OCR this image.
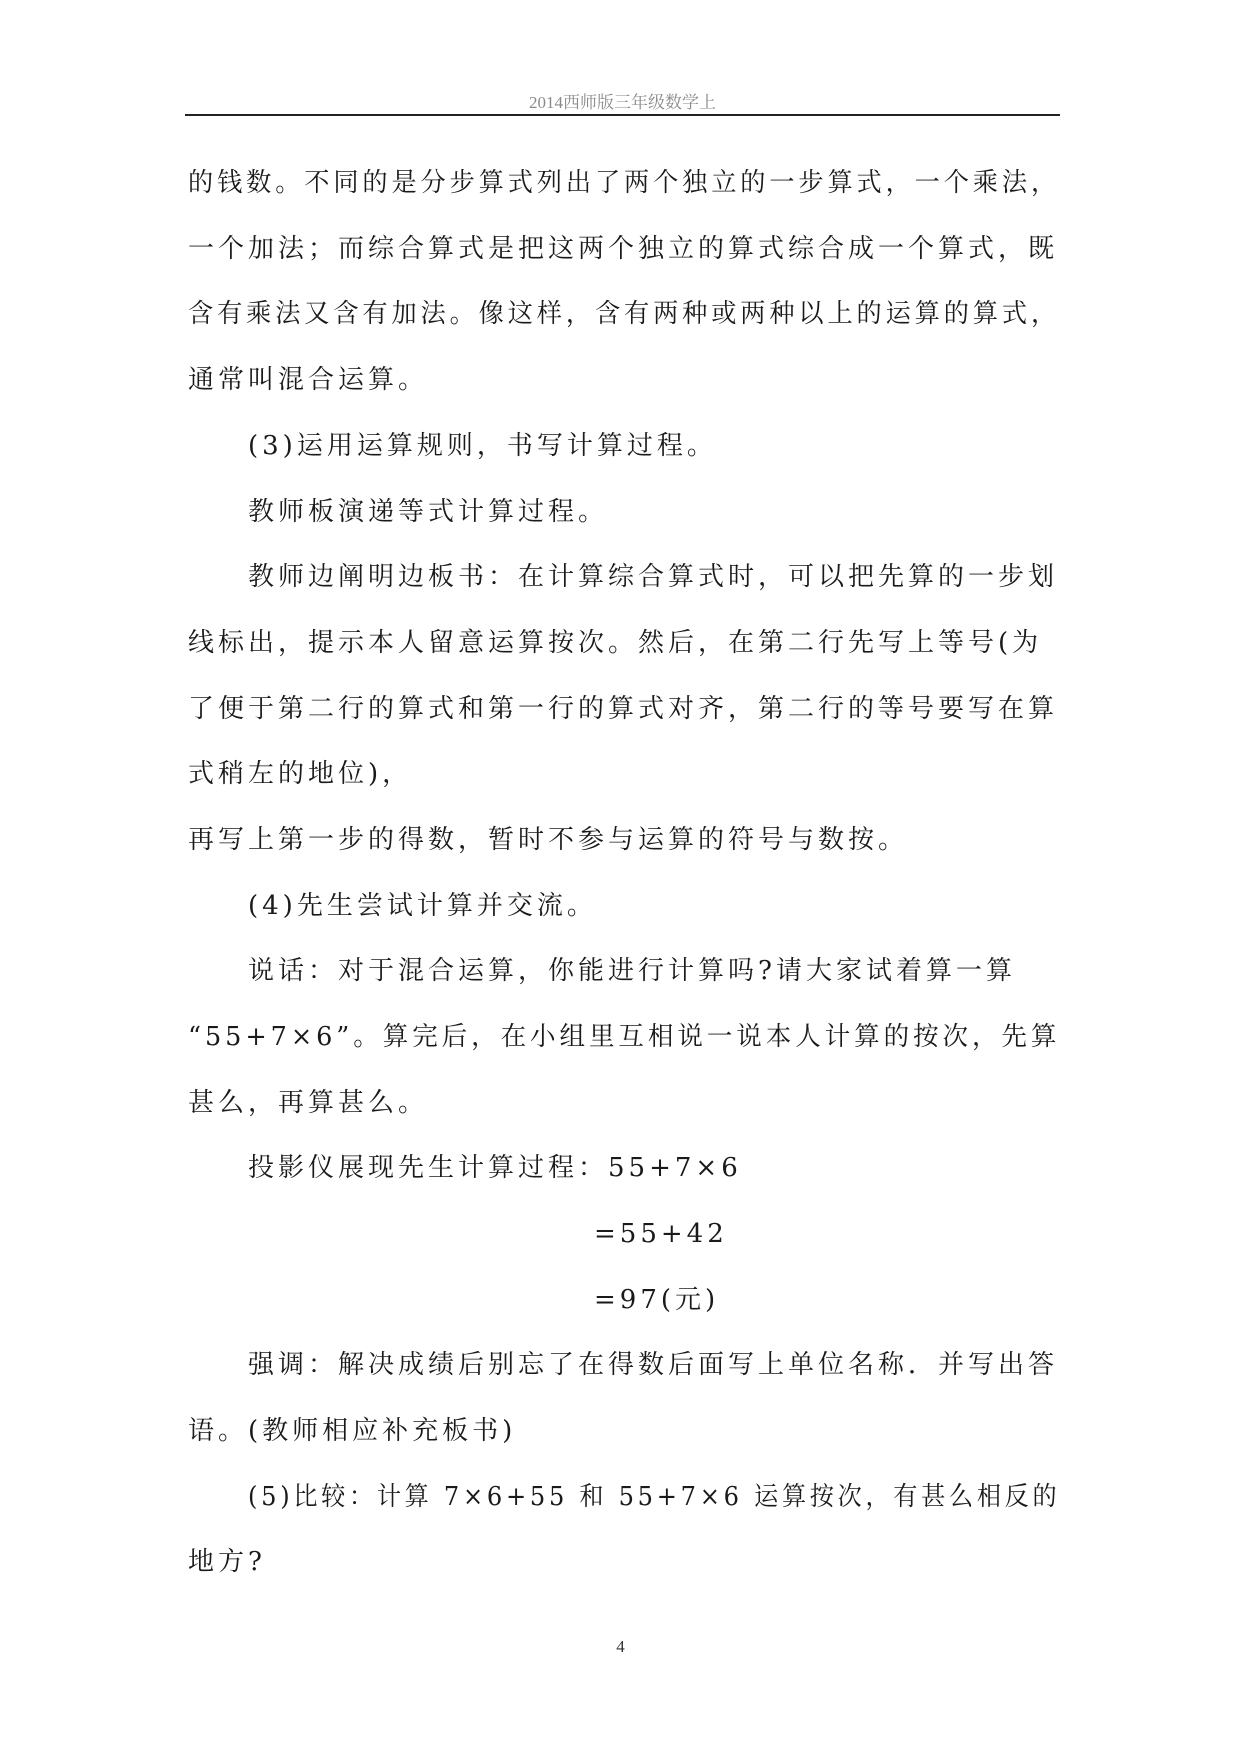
2014西师版三年级数学上
的钱数。不同的是分步算式列出了两个独立的一步算式，一个乘法，
一个加法；而综合算式是把这两个独立的算式综合成一个算式，既
含有乘法又含有加法。像这样，含有两种或两种以上的运算的算式，
通常叫混合运算。
(3)运用运算规则，书写计算过程。
教师板演递等式计算过程。
教师边阐明边板书：在计算综合算式时，可以把先算的一步划
线标出，提示本人留意运算按次。然后，在第二行先写上等号(为
了便于第二行的算式和第一行的算式对齐，第二行的等号要写在算
式稍左的地位)，
再写上第一步的得数，暂时不参与运算的符号与数按。
(4)先生尝试计算并交流。
说话：对于混合运算，你能进行计算吗?请大家试着算一算
“55+7×6”。算完后，在小组里互相说一说本人计算的按次，先算
甚么，再算甚么。
投影仪展现先生计算过程：55+7×6
=55+42
=97(元)
强调：解决成绩后别忘了在得数后面写上单位名称．并写出答
语。(教师相应补充板书)
(5)比较：计算 7×6+55 和 55+7×6 运算按次，有甚么相反的
地方?
4
